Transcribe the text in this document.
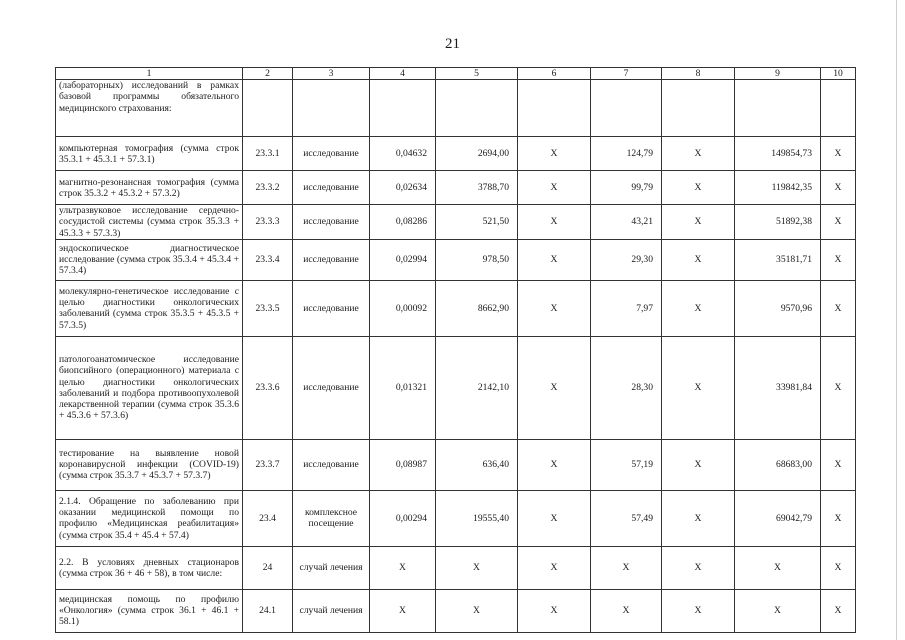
21
1	2	3	4	5	6	7	8	9	10
(лабораторных) исследований в рамках базовой программы обязательного медицинского страхования:									
компьютерная томография (сумма строк 35.3.1 + 45.3.1 + 57.3.1)	23.3.1	исследование	0,04632	2694,00	X	124,79	X	149854,73	X
магнитно-резонансная томография (сумма строк 35.3.2 + 45.3.2 + 57.3.2)	23.3.2	исследование	0,02634	3788,70	X	99,79	X	119842,35	X
ультразвуковое исследование сердечно-сосудистой системы (сумма строк 35.3.3 + 45.3.3 + 57.3.3)	23.3.3	исследование	0,08286	521,50	X	43,21	X	51892,38	X
эндоскопическое диагностическое исследование (сумма строк 35.3.4 + 45.3.4 + 57.3.4)	23.3.4	исследование	0,02994	978,50	X	29,30	X	35181,71	X
молекулярно-генетическое исследование с целью диагностики онкологических заболеваний (сумма строк 35.3.5 + 45.3.5 + 57.3.5)	23.3.5	исследование	0,00092	8662,90	X	7,97	X	9570,96	X
патологоанатомическое исследование биопсийного (операционного) материала с целью диагностики онкологических заболеваний и подбора противоопухолевой лекарственной терапии (сумма строк 35.3.6 + 45.3.6 + 57.3.6)	23.3.6	исследование	0,01321	2142,10	X	28,30	X	33981,84	X
тестирование на выявление новой коронавирусной инфекции (COVID-19) (сумма строк 35.3.7 + 45.3.7 + 57.3.7)	23.3.7	исследование	0,08987	636,40	X	57,19	X	68683,00	X
2.1.4. Обращение по заболеванию при оказании медицинской помощи по профилю «Медицинская реабилитация» (сумма строк 35.4 + 45.4 + 57.4)	23.4	комплексное посещение	0,00294	19555,40	X	57,49	X	69042,79	X
2.2. В условиях дневных стационаров (сумма строк 36 + 46 + 58), в том числе:	24	случай лечения	X	X	X	X	X	X	X
медицинская помощь по профилю «Онкология» (сумма строк 36.1 + 46.1 + 58.1)	24.1	случай лечения	X	X	X	X	X	X	X
